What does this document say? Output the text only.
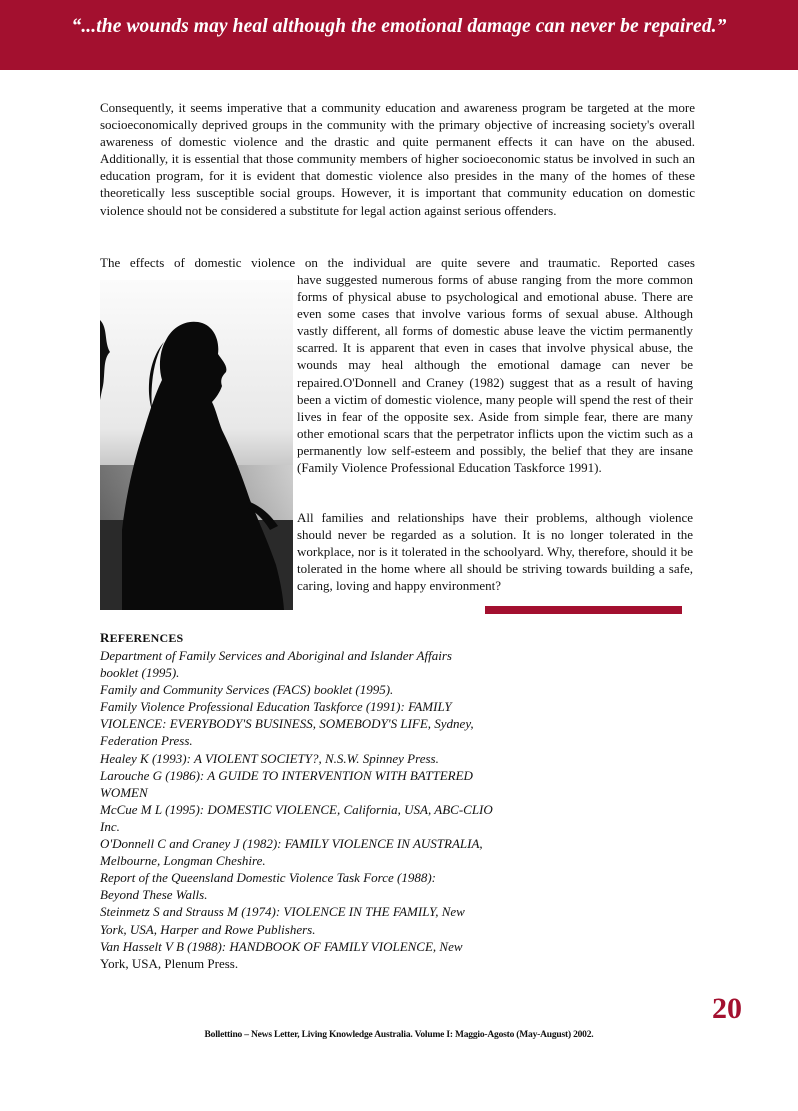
“...the wounds may heal although the emotional damage can never be repaired.”

Consequently, it seems imperative that a community education and awareness program be targeted at the more socioeconomically deprived groups in the community with the primary objective of increasing society's overall awareness of domestic violence and the drastic and quite permanent effects it can have on the abused. Additionally, it is essential that those community members of higher socioeconomic status be involved in such an education program, for it is evident that domestic violence also presides in the many of the homes of these theoretically less susceptible social groups. However, it is important that community education on domestic violence should not be considered a substitute for legal action against serious offenders.

The effects of domestic violence on the individual are quite severe and traumatic. Reported cases

have suggested numerous forms of abuse ranging from the more common forms of physical abuse to psychological and emotional abuse. There are even some cases that involve various forms of sexual abuse. Although vastly different, all forms of domestic abuse leave the victim permanently scarred. It is apparent that even in cases that involve physical abuse, the wounds may heal although the emotional damage can never be repaired.O'Donnell and Craney (1982) suggest that as a result of having been a victim of domestic violence, many people will spend the rest of their lives in fear of the opposite sex. Aside from simple fear, there are many other emotional scars that the perpetrator inflicts upon the victim such as a permanently low self-esteem and possibly, the belief that they are insane (Family Violence Professional Education Taskforce 1991).

All families and relationships have their problems, although violence should never be regarded as a solution. It is no longer tolerated in the workplace, nor is it tolerated in the schoolyard. Why, therefore, should it be tolerated in the home where all should be striving towards building a safe, caring, loving and happy environment?

REFERENCES

Department of Family Services and Aboriginal and Islander Affairs

booklet (1995).

Family and Community Services (FACS) booklet (1995).

Family Violence Professional Education Taskforce (1991): FAMILY

VIOLENCE: EVERYBODY'S BUSINESS, SOMEBODY'S LIFE, Sydney,

Federation Press.

Healey K (1993): A VIOLENT SOCIETY?, N.S.W. Spinney Press.

Larouche G (1986): A GUIDE TO INTERVENTION WITH BATTERED

WOMEN

McCue M L (1995): DOMESTIC VIOLENCE, California, USA, ABC-CLIO

Inc.

O'Donnell C and Craney J (1982): FAMILY VIOLENCE IN AUSTRALIA,

Melbourne, Longman Cheshire.

Report of the Queensland Domestic Violence Task Force (1988):

Beyond These Walls.

Steinmetz S and Strauss M (1974): VIOLENCE IN THE FAMILY, New

York, USA, Harper and Rowe Publishers.

Van Hasselt V B (1988): HANDBOOK OF FAMILY VIOLENCE, New

York, USA, Plenum Press.

20
Bollettino – News Letter, Living Knowledge Australia. Volume I: Maggio-Agosto (May-August) 2002.
